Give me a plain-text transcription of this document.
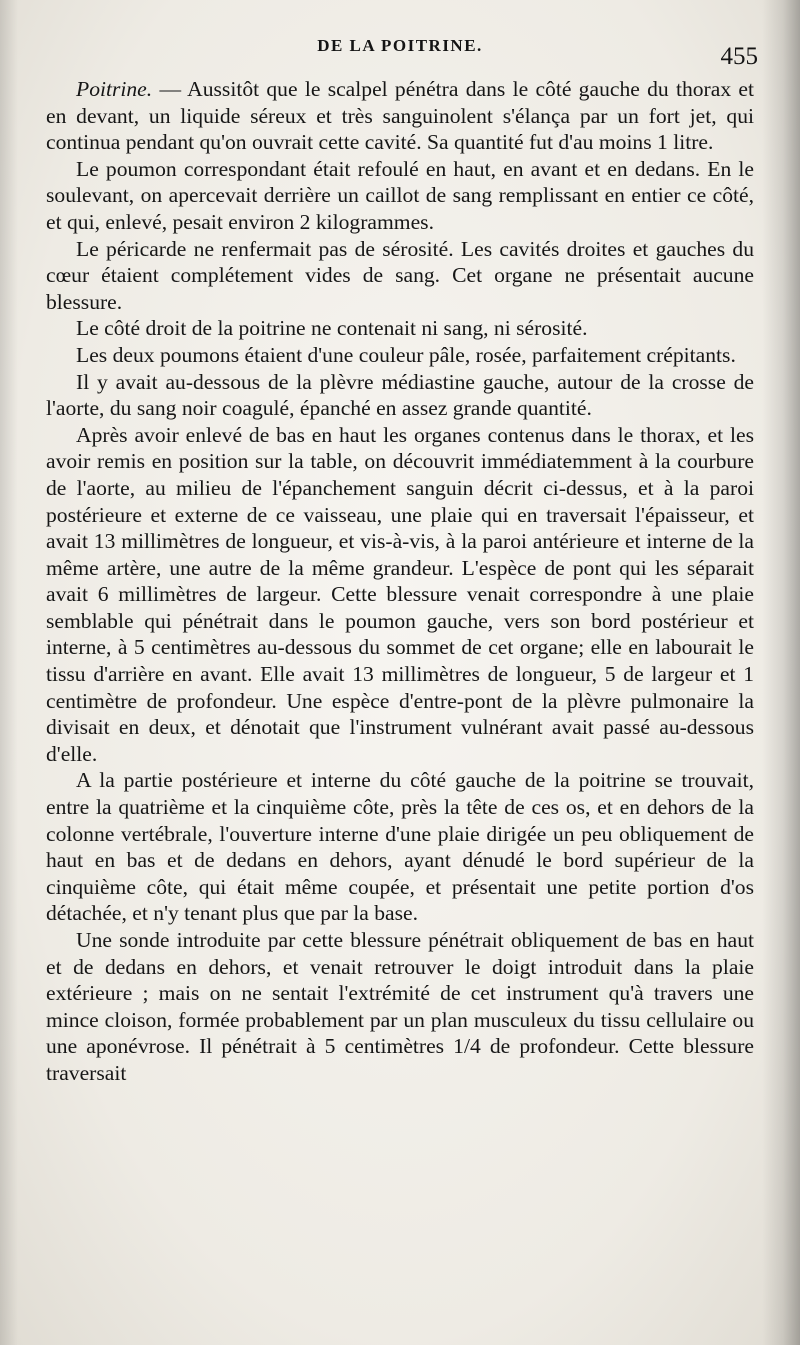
DE LA POITRINE.	455

Poitrine. — Aussitôt que le scalpel pénétra dans le côté gauche du thorax et en devant, un liquide séreux et très sanguinolent s'élança par un fort jet, qui continua pendant qu'on ouvrait cette cavité. Sa quantité fut d'au moins 1 litre.

Le poumon correspondant était refoulé en haut, en avant et en dedans. En le soulevant, on apercevait derrière un caillot de sang remplissant en entier ce côté, et qui, enlevé, pesait environ 2 kilogrammes.

Le péricarde ne renfermait pas de sérosité. Les cavités droites et gauches du cœur étaient complétement vides de sang. Cet organe ne présentait aucune blessure.

Le côté droit de la poitrine ne contenait ni sang, ni sérosité.

Les deux poumons étaient d'une couleur pâle, rosée, parfaitement crépitants.

Il y avait au-dessous de la plèvre médiastine gauche, autour de la crosse de l'aorte, du sang noir coagulé, épanché en assez grande quantité.

Après avoir enlevé de bas en haut les organes contenus dans le thorax, et les avoir remis en position sur la table, on découvrit immédiatemment à la courbure de l'aorte, au milieu de l'épanchement sanguin décrit ci-dessus, et à la paroi postérieure et externe de ce vaisseau, une plaie qui en traversait l'épaisseur, et avait 13 millimètres de longueur, et vis-à-vis, à la paroi antérieure et interne de la même artère, une autre de la même grandeur. L'espèce de pont qui les séparait avait 6 millimètres de largeur. Cette blessure venait correspondre à une plaie semblable qui pénétrait dans le poumon gauche, vers son bord postérieur et interne, à 5 centimètres au-dessous du sommet de cet organe; elle en labourait le tissu d'arrière en avant. Elle avait 13 millimètres de longueur, 5 de largeur et 1 centimètre de profondeur. Une espèce d'entre-pont de la plèvre pulmonaire la divisait en deux, et dénotait que l'instrument vulnérant avait passé au-dessous d'elle.

A la partie postérieure et interne du côté gauche de la poitrine se trouvait, entre la quatrième et la cinquième côte, près la tête de ces os, et en dehors de la colonne vertébrale, l'ouverture interne d'une plaie dirigée un peu obliquement de haut en bas et de dedans en dehors, ayant dénudé le bord supérieur de la cinquième côte, qui était même coupée, et présentait une petite portion d'os détachée, et n'y tenant plus que par la base.

Une sonde introduite par cette blessure pénétrait obliquement de bas en haut et de dedans en dehors, et venait retrouver le doigt introduit dans la plaie extérieure ; mais on ne sentait l'extrémité de cet instrument qu'à travers une mince cloison, formée probablement par un plan musculeux du tissu cellulaire ou une aponévrose. Il pénétrait à 5 centimètres 1/4 de profondeur. Cette blessure traversait
